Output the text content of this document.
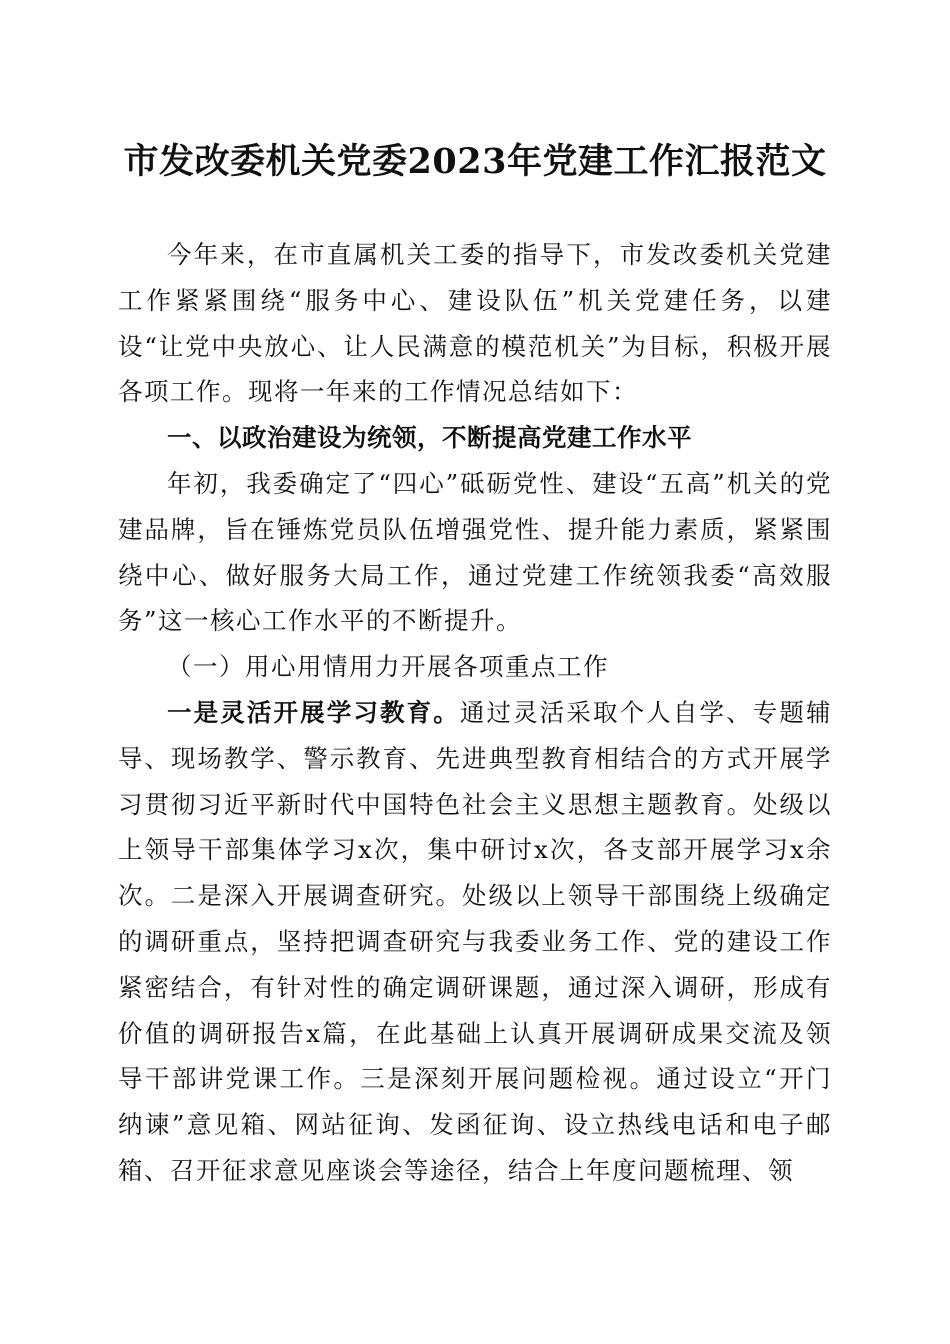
市发改委机关党委2023年党建工作汇报范文

今年来，在市直属机关工委的指导下，市发改委机关党建工作紧紧围绕“服务中心、建设队伍”机关党建任务，以建设“让党中央放心、让人民满意的模范机关”为目标，积极开展各项工作。现将一年来的工作情况总结如下：

一、以政治建设为统领，不断提高党建工作水平

年初，我委确定了“四心”砥砺党性、建设“五高”机关的党建品牌，旨在锤炼党员队伍增强党性、提升能力素质，紧紧围绕中心、做好服务大局工作，通过党建工作统领我委“高效服务”这一核心工作水平的不断提升。

（一）用心用情用力开展各项重点工作

一是灵活开展学习教育。通过灵活采取个人自学、专题辅导、现场教学、警示教育、先进典型教育相结合的方式开展学习贯彻习近平新时代中国特色社会主义思想主题教育。处级以上领导干部集体学习x次，集中研讨x次，各支部开展学习x余次。二是深入开展调查研究。处级以上领导干部围绕上级确定的调研重点，坚持把调查研究与我委业务工作、党的建设工作紧密结合，有针对性的确定调研课题，通过深入调研，形成有价值的调研报告x篇，在此基础上认真开展调研成果交流及领导干部讲党课工作。三是深刻开展问题检视。通过设立“开门纳谏”意见箱、网站征询、发函征询、设立热线电话和电子邮箱、召开征求意见座谈会等途径，结合上年度问题梳理、领
